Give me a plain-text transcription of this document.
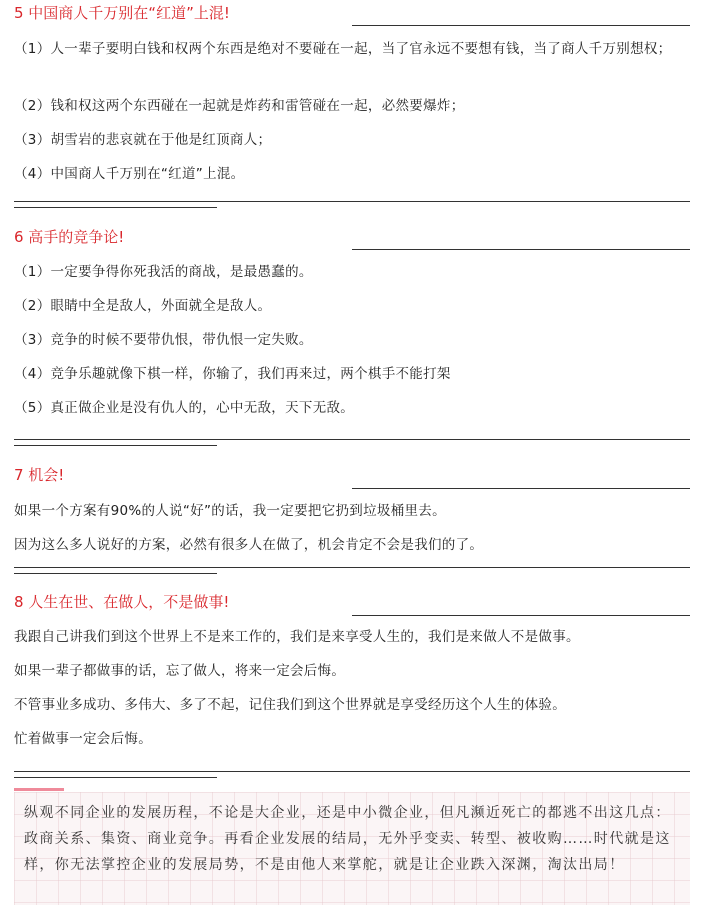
5 中国商人千万别在“红道”上混!
（1）人一辈子要明白钱和权两个东西是绝对不要碰在一起，当了官永远不要想有钱，当了商人千万别想权；
（2）钱和权这两个东西碰在一起就是炸药和雷管碰在一起，必然要爆炸；
（3）胡雪岩的悲哀就在于他是红顶商人；
（4）中国商人千万别在“红道”上混。
6 高手的竞争论!
（1）一定要争得你死我活的商战，是最愚蠢的。
（2）眼睛中全是敌人，外面就全是敌人。
（3）竞争的时候不要带仇恨，带仇恨一定失败。
（4）竞争乐趣就像下棋一样，你输了，我们再来过，两个棋手不能打架
（5）真正做企业是没有仇人的，心中无敌，天下无敌。
7 机会!
如果一个方案有90%的人说“好”的话，我一定要把它扔到垃圾桶里去。
因为这么多人说好的方案，必然有很多人在做了，机会肯定不会是我们的了。
8 人生在世、在做人，不是做事!
我跟自己讲我们到这个世界上不是来工作的，我们是来享受人生的，我们是来做人不是做事。
如果一辈子都做事的话，忘了做人，将来一定会后悔。
不管事业多成功、多伟大、多了不起，记住我们到这个世界就是享受经历这个人生的体验。
忙着做事一定会后悔。
纵观不同企业的发展历程，不论是大企业，还是中小微企业，但凡濒近死亡的都逃不出这几点：政商关系、集资、商业竞争。再看企业发展的结局，无外乎变卖、转型、被收购……时代就是这样，你无法掌控企业的发展局势，不是由他人来掌舵，就是让企业跌入深渊，淘汰出局！
